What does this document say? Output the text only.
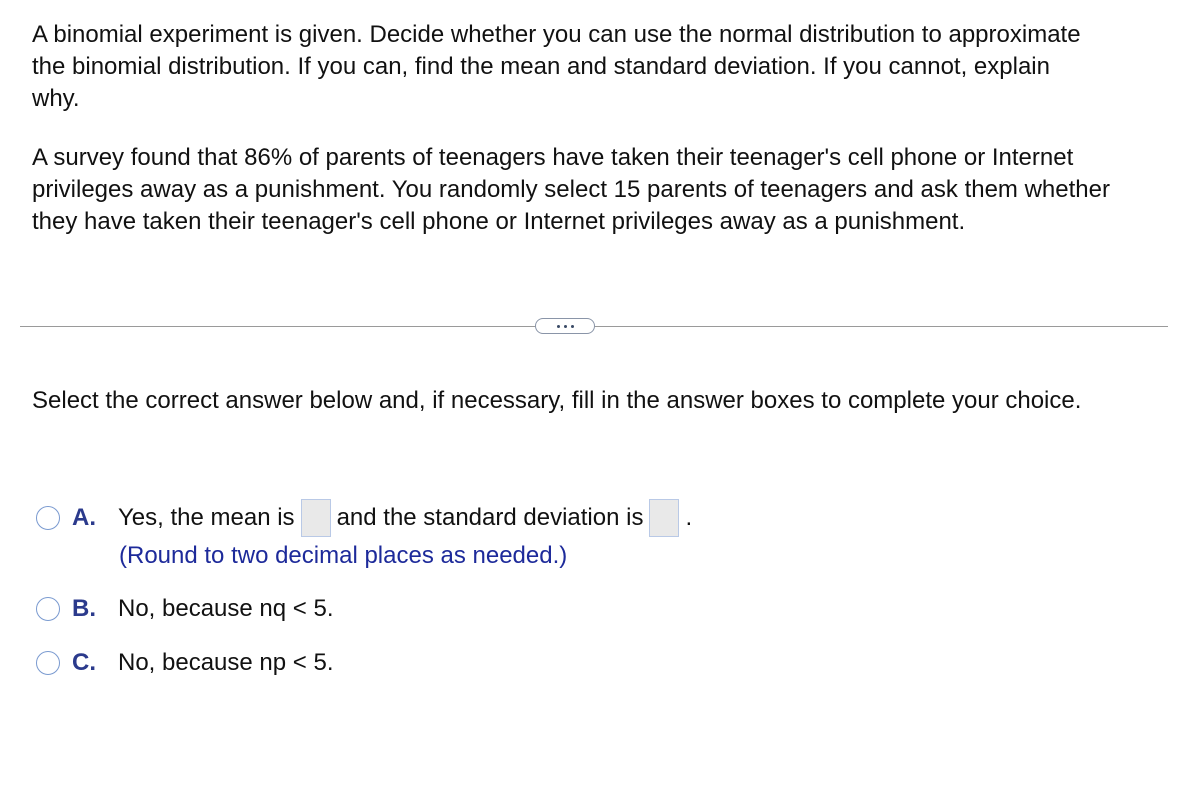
A binomial experiment is given. Decide whether you can use the normal distribution to approximate the binomial distribution. If you can, find the mean and standard deviation. If you cannot, explain why.

A survey found that 86% of parents of teenagers have taken their teenager's cell phone or Internet privileges away as a punishment. You randomly select 15 parents of teenagers and ask them whether they have taken their teenager's cell phone or Internet privileges away as a punishment.

Select the correct answer below and, if necessary, fill in the answer boxes to complete your choice.

A. Yes, the mean is and the standard deviation is .
(Round to two decimal places as needed.)
B. No, because nq < 5.
C. No, because np < 5.
